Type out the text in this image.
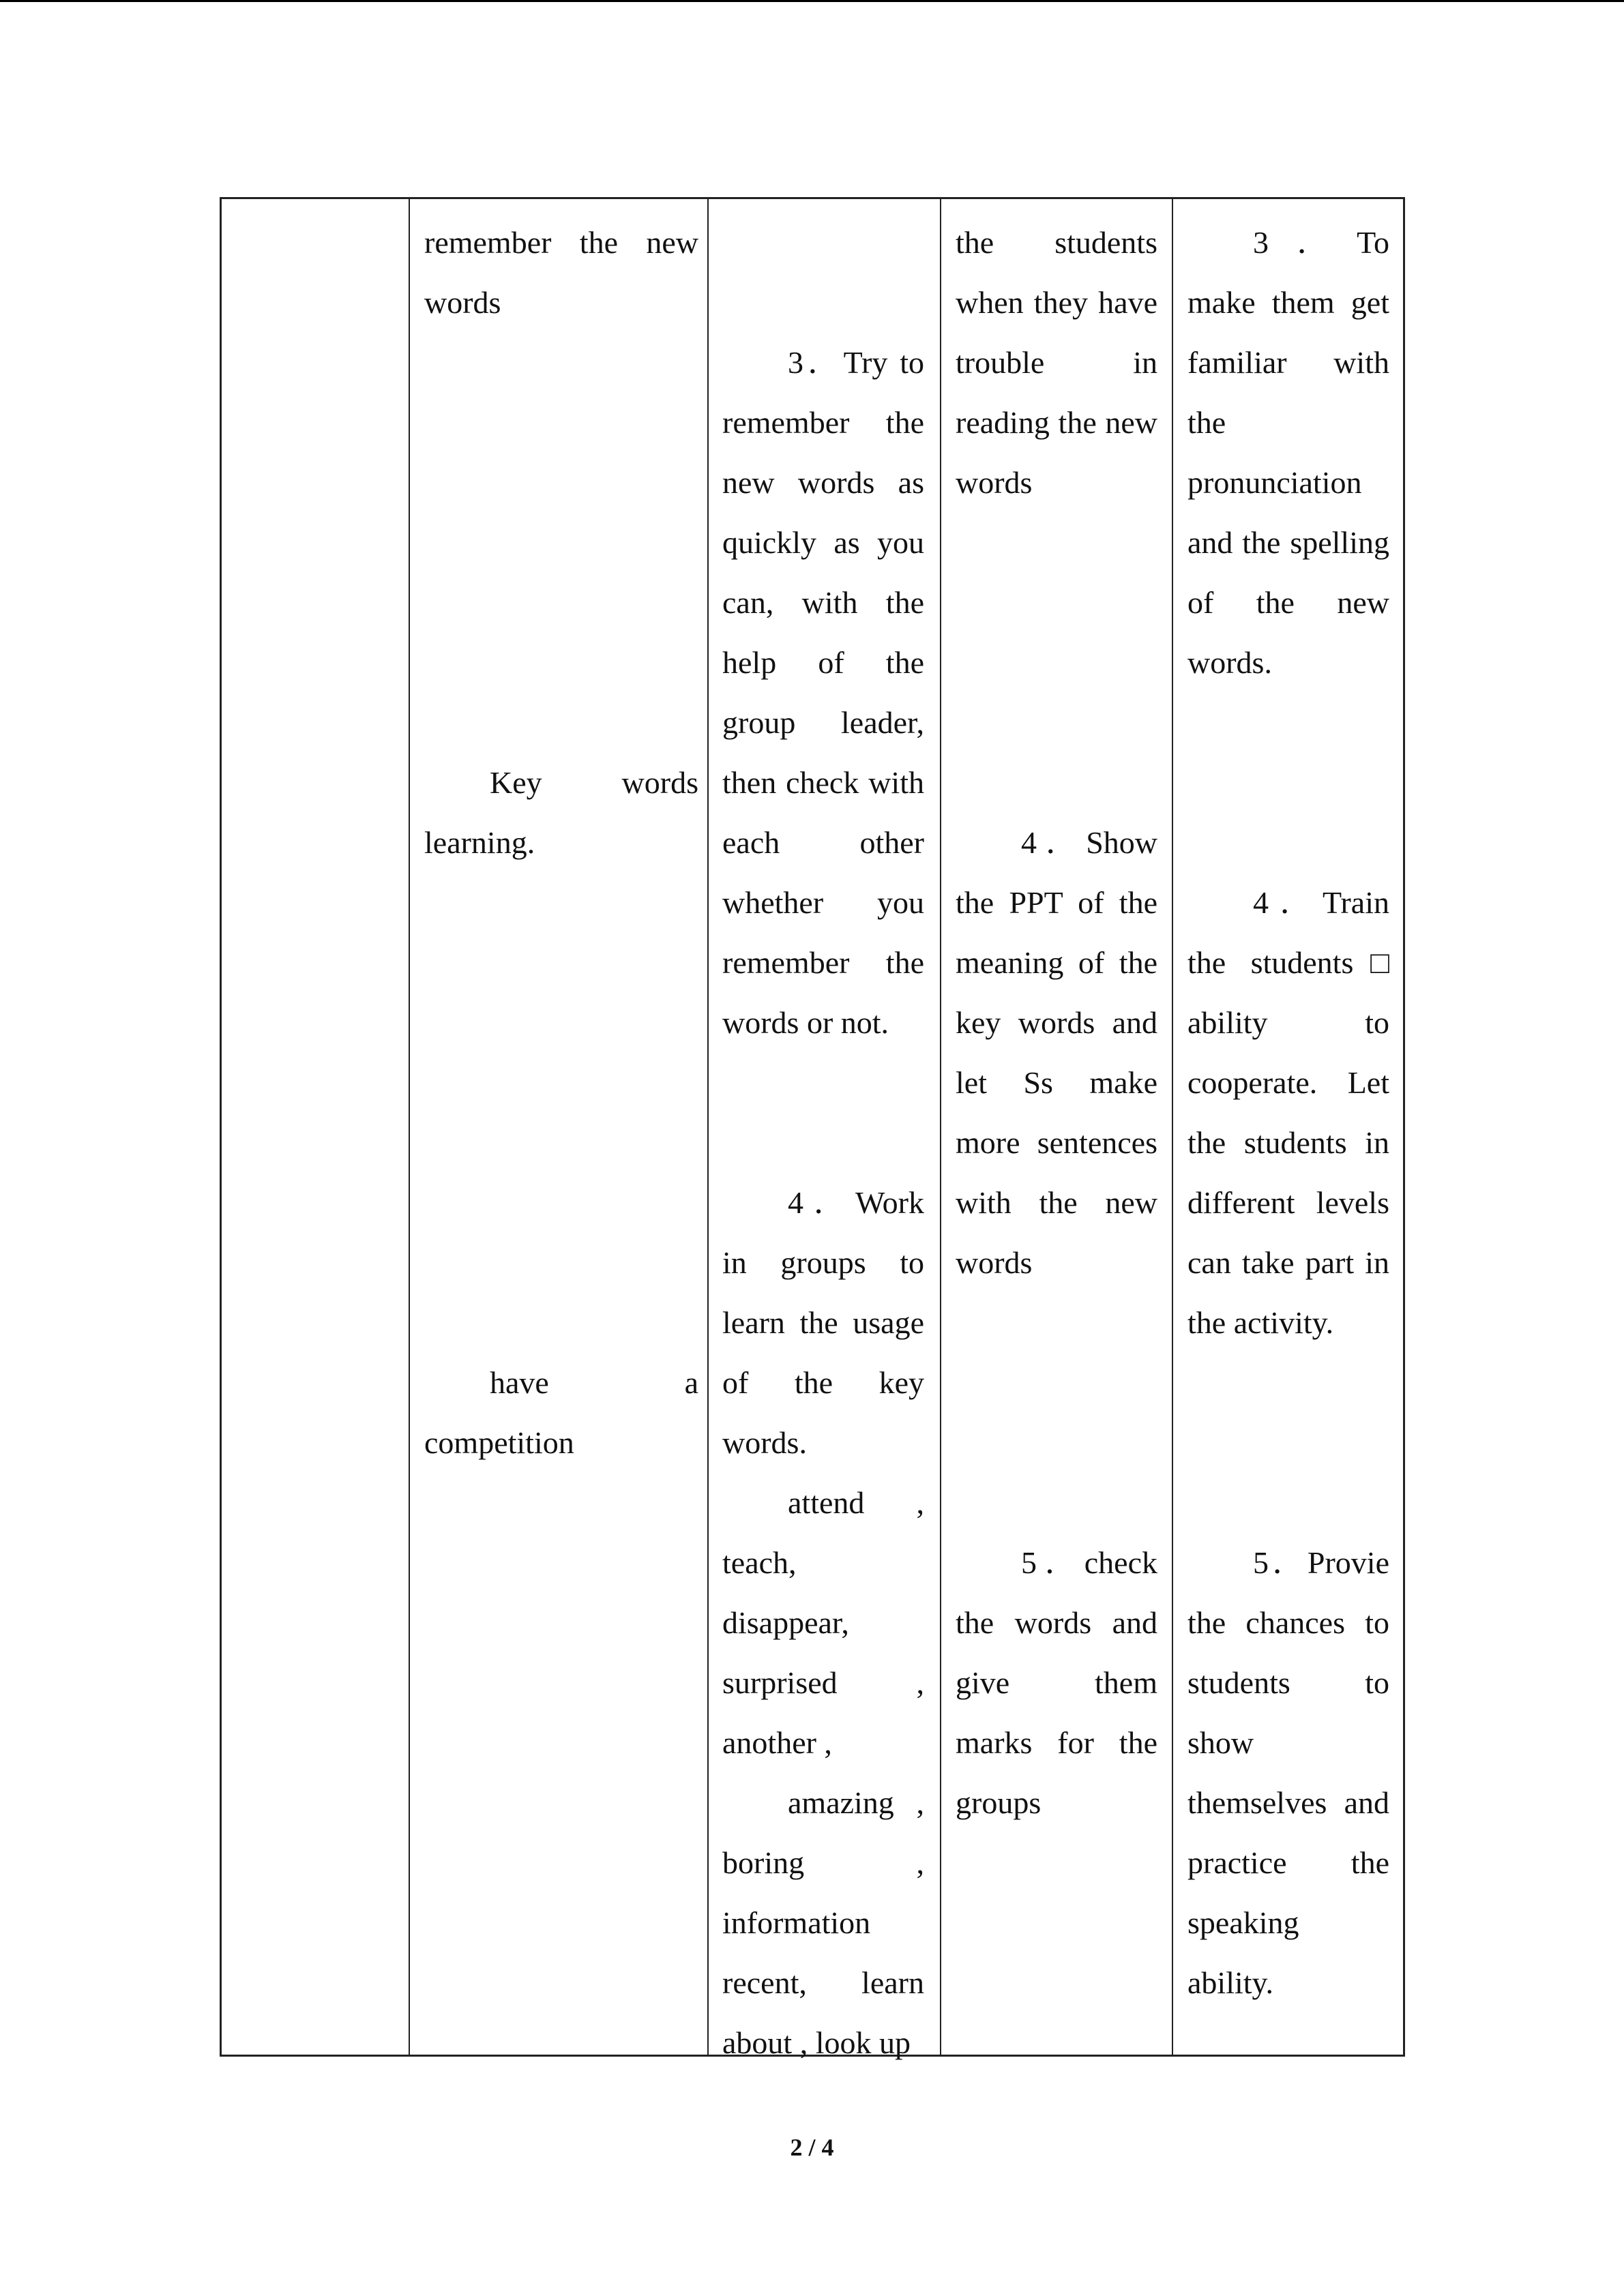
remember the new words
Key words learning.
have a competition
3．Try to remember the new words as quickly as you can, with the help of the group leader, then check with each other whether you remember the words or not.
4．Work in groups to learn the usage of the key words.
attend , teach, disappear, surprised , another ,
amazing , boring , information recent, learn about , look up
the students when they have trouble in reading the new words
4．Show the PPT of the meaning of the key words and let Ss make more sentences with the new words
5．check the words and give them marks for the groups
3．To make them get familiar with the pronunciation and the spelling of the new words.
4．Train the students□ ability to cooperate. Let the students in different levels can take part in the activity.
5．Provie the chances to students to show themselves and practice the speaking ability.
2 / 4
